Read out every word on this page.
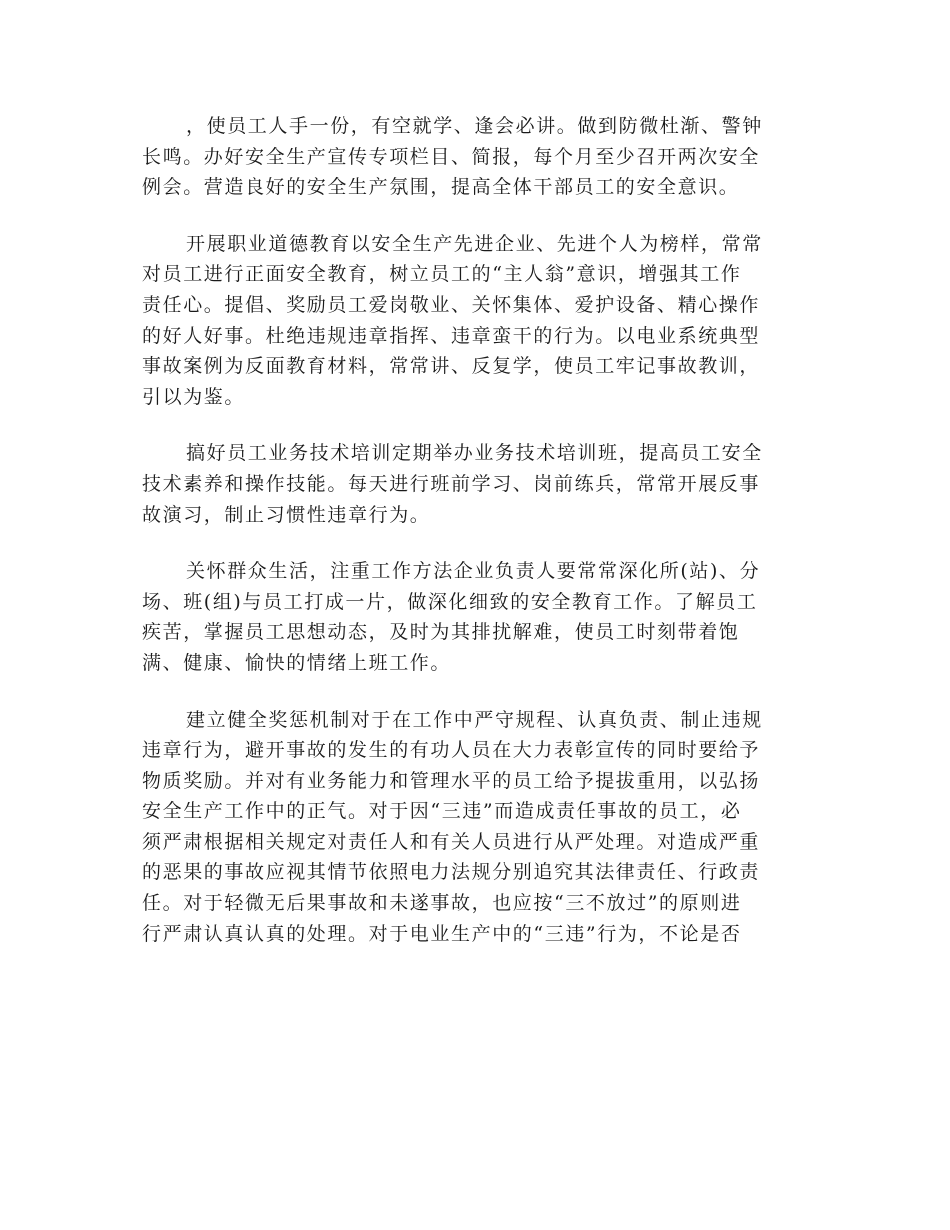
，使员工人手一份，有空就学、逢会必讲。做到防微杜渐、警钟
长鸣。办好安全生产宣传专项栏目、简报，每个月至少召开两次安全
例会。营造良好的安全生产氛围，提高全体干部员工的安全意识。

开展职业道德教育以安全生产先进企业、先进个人为榜样，常常
对员工进行正面安全教育，树立员工的“主人翁”意识，增强其工作
责任心。提倡、奖励员工爱岗敬业、关怀集体、爱护设备、精心操作
的好人好事。杜绝违规违章指挥、违章蛮干的行为。以电业系统典型
事故案例为反面教育材料，常常讲、反复学，使员工牢记事故教训，
引以为鉴。

搞好员工业务技术培训定期举办业务技术培训班，提高员工安全
技术素养和操作技能。每天进行班前学习、岗前练兵，常常开展反事
故演习，制止习惯性违章行为。

关怀群众生活，注重工作方法企业负责人要常常深化所(站)、分
场、班(组)与员工打成一片，做深化细致的安全教育工作。了解员工
疾苦，掌握员工思想动态，及时为其排扰解难，使员工时刻带着饱
满、健康、愉快的情绪上班工作。

建立健全奖惩机制对于在工作中严守规程、认真负责、制止违规
违章行为，避开事故的发生的有功人员在大力表彰宣传的同时要给予
物质奖励。并对有业务能力和管理水平的员工给予提拔重用，以弘扬
安全生产工作中的正气。对于因“三违”而造成责任事故的员工，必
须严肃根据相关规定对责任人和有关人员进行从严处理。对造成严重
的恶果的事故应视其情节依照电力法规分别追究其法律责任、行政责
任。对于轻微无后果事故和未遂事故，也应按“三不放过”的原则进
行严肃认真认真的处理。对于电业生产中的“三违”行为，不论是否
